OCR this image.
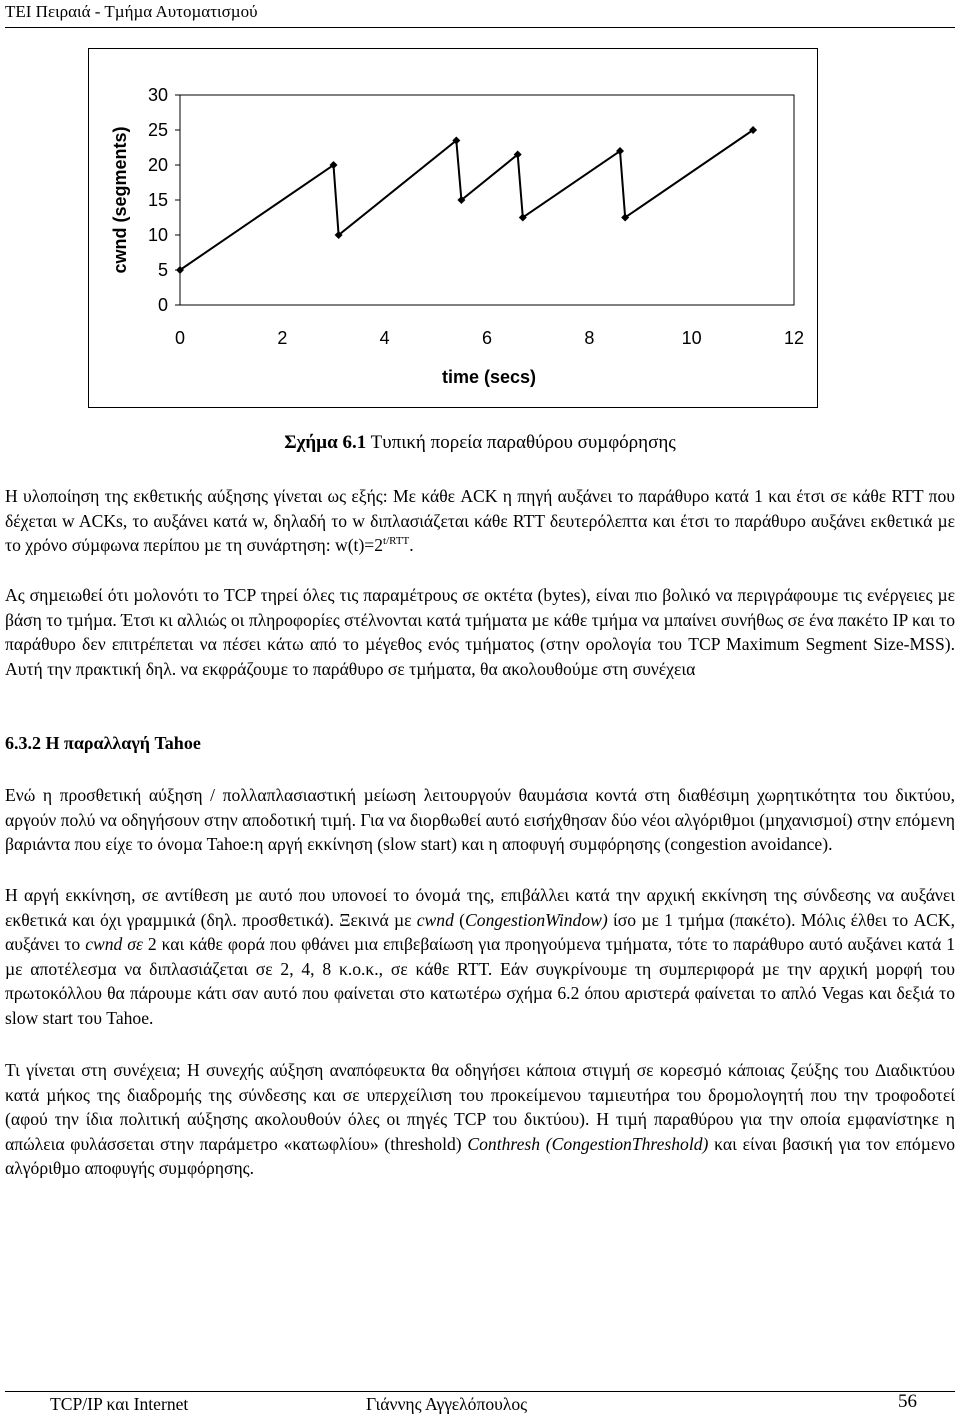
ΤΕΙ Πειραιά - Τµήµα Αυτοµατισµού
0
5
10
15
20
25
30
0	2	4	6	8	10	12
cwnd (segments)
time (secs)
Σχήµα 6.1 Τυπική πορεία παραθύρου συµφόρησης
Η υλοποίηση της εκθετικής αύξησης γίνεται ως εξής: Με κάθε ACK η πηγή αυξάνει το παράθυρο κατά 1 και έτσι σε κάθε RTT που δέχεται w ACKs, το αυξάνει κατά w, δηλαδή το w διπλασιάζεται κάθε RTT δευτερόλεπτα και έτσι το παράθυρο αυξάνει εκθετικά µε το χρόνο σύµφωνα περίπου µε τη συνάρτηση: $w(t)=2^{t/RTT}$.
Ας σηµειωθεί ότι µολονότι το TCP τηρεί όλες τις παραµέτρους σε οκτέτα (bytes), είναι πιο βολικό να περιγράφουµε τις ενέργειες µε βάση το τµήµα. Έτσι κι αλλιώς οι πληροφορίες στέλνονται κατά τµήµατα µε κάθε τµήµα να µπαίνει συνήθως σε ένα πακέτο IP και το παράθυρο δεν επιτρέπεται να πέσει κάτω από το µέγεθος ενός τµήµατος (στην ορολογία του TCP Maximum Segment Size-MSS). Αυτή την πρακτική δηλ. να εκφράζουµε το παράθυρο σε τµήµατα, θα ακολουθούµε στη συνέχεια
6.3.2 Η παραλλαγή Tahoe
Ενώ η προσθετική αύξηση / πολλαπλασιαστική µείωση λειτουργούν θαυµάσια κοντά στη διαθέσιµη χωρητικότητα του δικτύου, αργούν πολύ να οδηγήσουν στην αποδοτική τιµή. Για να διορθωθεί αυτό εισήχθησαν δύο νέοι αλγόριθµοι (µηχανισµοί) στην επόµενη βαριάντα που είχε το όνοµα Tahoe:η αργή εκκίνηση (slow start) και η αποφυγή συµφόρησης (congestion avoidance).
Η αργή εκκίνηση, σε αντίθεση µε αυτό που υπονοεί το όνοµά της, επιβάλλει κατά την αρχική εκκίνηση της σύνδεσης να αυξάνει εκθετικά και όχι γραµµικά (δηλ. προσθετικά). Ξεκινά µε cwnd (CongestionWindow) ίσο µε 1 τµήµα (πακέτο). Μόλις έλθει το ACK, αυξάνει το cwnd σε 2 και κάθε φορά που φθάνει µια επιβεβαίωση για προηγούµενα τµήµατα, τότε το παράθυρο αυτό αυξάνει κατά 1 µε αποτέλεσµα να διπλασιάζεται σε 2, 4, 8 κ.ο.κ., σε κάθε RTT. Εάν συγκρίνουµε τη συµπεριφορά µε την αρχική µορφή του πρωτοκόλλου θα πάρουµε κάτι σαν αυτό που φαίνεται στο κατωτέρω σχήµα 6.2 όπου αριστερά φαίνεται το απλό Vegas και δεξιά το slow start του Tahoe.
Τι γίνεται στη συνέχεια; Η συνεχής αύξηση αναπόφευκτα θα οδηγήσει κάποια στιγµή σε κορεσµό κάποιας ζεύξης του ∆ιαδικτύου κατά µήκος της διαδροµής της σύνδεσης και σε υπερχείλιση του προκείµενου ταµιευτήρα του δροµολογητή που την τροφοδοτεί (αφού την ίδια πολιτική αύξησης ακολουθούν όλες οι πηγές TCP του δικτύου). Η τιµή παραθύρου για την οποία εµφανίστηκε η απώλεια φυλάσσεται στην παράµετρο «κατωφλίου» (threshold) Conthresh (CongestionThreshold) και είναι βασική για τον επόµενο αλγόριθµο αποφυγής συµφόρησης.
TCP/IP και Internet	Γιάννης Αγγελόπουλος	56
